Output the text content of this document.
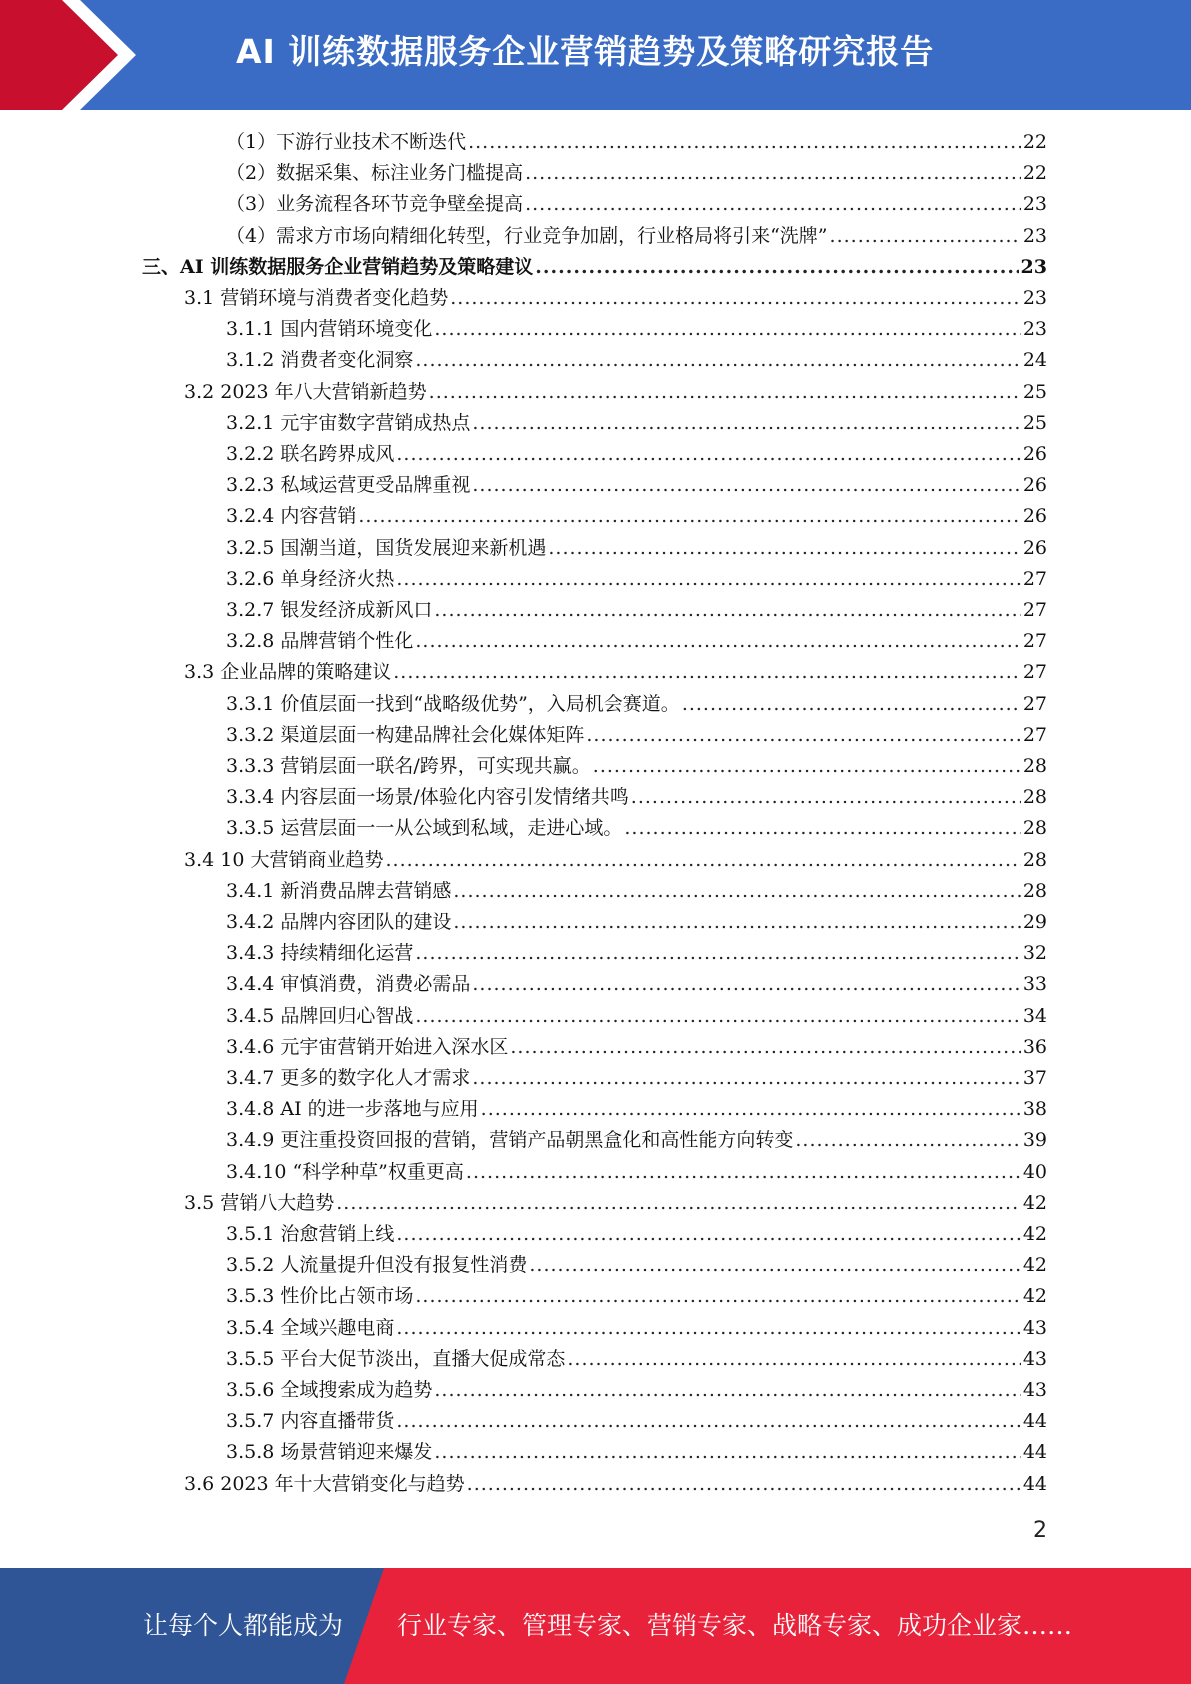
AI 训练数据服务企业营销趋势及策略研究报告
（1）下游行业技术不断迭代 .....	22
（2）数据采集、标注业务门槛提高 .....	22
（3）业务流程各环节竞争壁垒提高 .....	23
（4）需求方市场向精细化转型，行业竞争加剧，行业格局将引来“洗牌” .....	23
三、AI 训练数据服务企业营销趋势及策略建议 .....	23
3.1 营销环境与消费者变化趋势 .....	23
3.1.1 国内营销环境变化 .....	23
3.1.2 消费者变化洞察 .....	24
3.2 2023 年八大营销新趋势 .....	25
3.2.1 元宇宙数字营销成热点 .....	25
3.2.2 联名跨界成风 .....	26
3.2.3 私域运营更受品牌重视 .....	26
3.2.4 内容营销 .....	26
3.2.5 国潮当道，国货发展迎来新机遇 .....	26
3.2.6 单身经济火热 .....	27
3.2.7 银发经济成新风口 .....	27
3.2.8 品牌营销个性化 .....	27
3.3 企业品牌的策略建议 .....	27
3.3.1 价值层面一找到“战略级优势”，入局机会赛道。 .....	27
3.3.2 渠道层面一构建品牌社会化媒体矩阵 .....	27
3.3.3 营销层面一联名/跨界，可实现共赢。 .....	28
3.3.4 内容层面一场景/体验化内容引发情绪共鸣 .....	28
3.3.5 运营层面一一从公域到私域，走进心域。 .....	28
3.4 10 大营销商业趋势 .....	28
3.4.1 新消费品牌去营销感 .....	28
3.4.2 品牌内容团队的建设 .....	29
3.4.3 持续精细化运营 .....	32
3.4.4 审慎消费，消费必需品 .....	33
3.4.5 品牌回归心智战 .....	34
3.4.6 元宇宙营销开始进入深水区 .....	36
3.4.7 更多的数字化人才需求 .....	37
3.4.8 AI 的进一步落地与应用 .....	38
3.4.9 更注重投资回报的营销，营销产品朝黑盒化和高性能方向转变 .....	39
3.4.10 “科学种草”权重更高 .....	40
3.5 营销八大趋势 .....	42
3.5.1 治愈营销上线 .....	42
3.5.2 人流量提升但没有报复性消费 .....	42
3.5.3 性价比占领市场 .....	42
3.5.4 全域兴趣电商 .....	43
3.5.5 平台大促节淡出，直播大促成常态 .....	43
3.5.6 全域搜索成为趋势 .....	43
3.5.7 内容直播带货 .....	44
3.5.8 场景营销迎来爆发 .....	44
3.6 2023 年十大营销变化与趋势 .....	44
2
让每个人都能成为 行业专家、管理专家、营销专家、战略专家、成功企业家……
